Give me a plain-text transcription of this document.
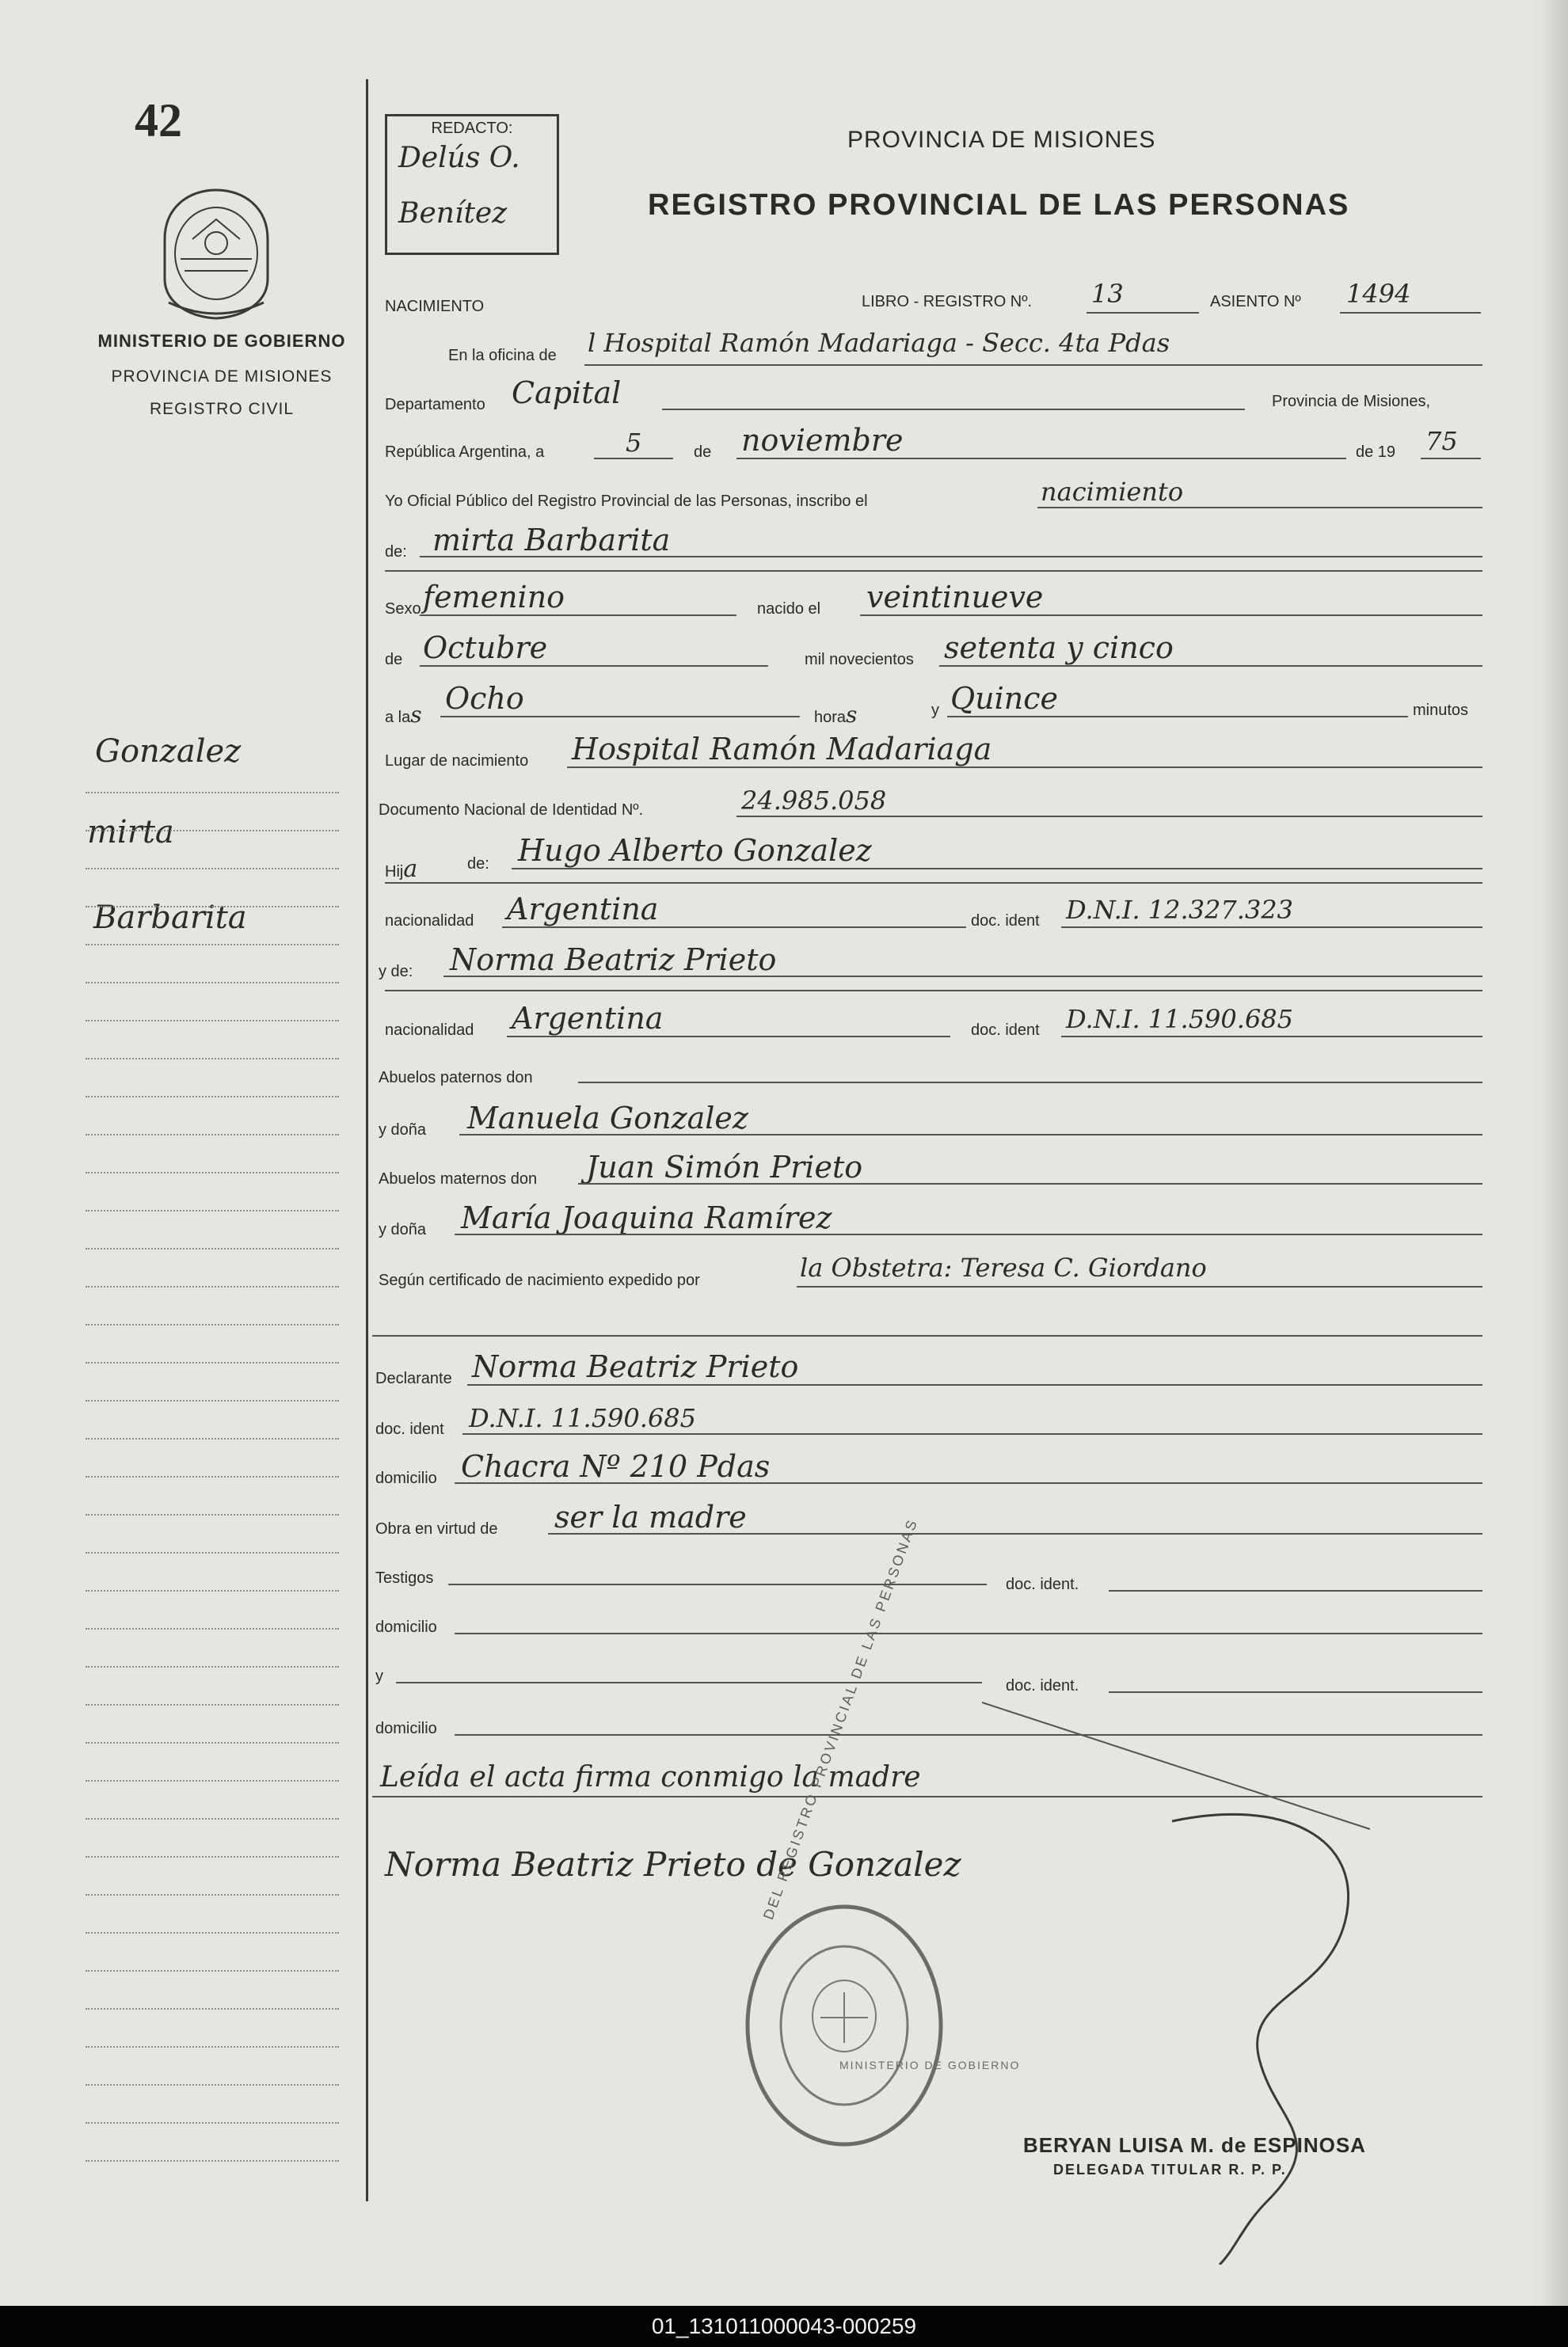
42
MINISTERIO DE GOBIERNO
PROVINCIA DE MISIONES
REGISTRO CIVIL
REDACTO:
Delús O.
Benítez
PROVINCIA DE MISIONES
REGISTRO PROVINCIAL DE LAS PERSONAS
NACIMIENTO	LIBRO - REGISTRO Nº. 13	ASIENTO Nº 1494
En la oficina de l Hospital Ramón Madariaga - Secc. 4ta Pdas
Departamento Capital	Provincia de Misiones,
República Argentina, a	5	de noviembre	de 19 75
Yo Oficial Público del Registro Provincial de las Personas, inscribo el	nacimiento
de: mirta Barbarita
Sexo femenino	nacido el veintinueve
de Octubre	mil novecientos setenta y cinco
a las Ocho
horas	y Quince	minutos
Lugar de nacimiento Hospital Ramón Madariaga
Documento Nacional de Identidad Nº.	24.985.058
Hija	de: Hugo Alberto Gonzalez
nacionalidad Argentina	doc. ident D.N.I. 12.327.323
y de: Norma Beatriz Prieto
nacionalidad Argentina	doc. ident D.N.I. 11.590.685
Abuelos paternos don
y doña Manuela Gonzalez
Abuelos maternos don Juan Simón Prieto
y doña María Joaquina Ramírez
Según certificado de nacimiento expedido por	la Obstetra: Teresa C. Giordano
Declarante Norma Beatriz Prieto
doc. ident D.N.I. 11.590.685
domicilio Chacra Nº 210 Pdas
Obra en virtud de ser la madre
Testigos	doc. ident.
domicilio
y
doc. ident.
domicilio
Leída el acta firma conmigo la madre
Norma Beatriz Prieto de Gonzalez
DEL REGISTRO PROVINCIAL DE LAS PERSONAS
MINISTERIO DE GOBIERNO
BERYAN LUISA M. de ESPINOSA
DELEGADA TITULAR R. P. P.
Gonzalez
mirta
Barbarita
01_131011000043-000259
